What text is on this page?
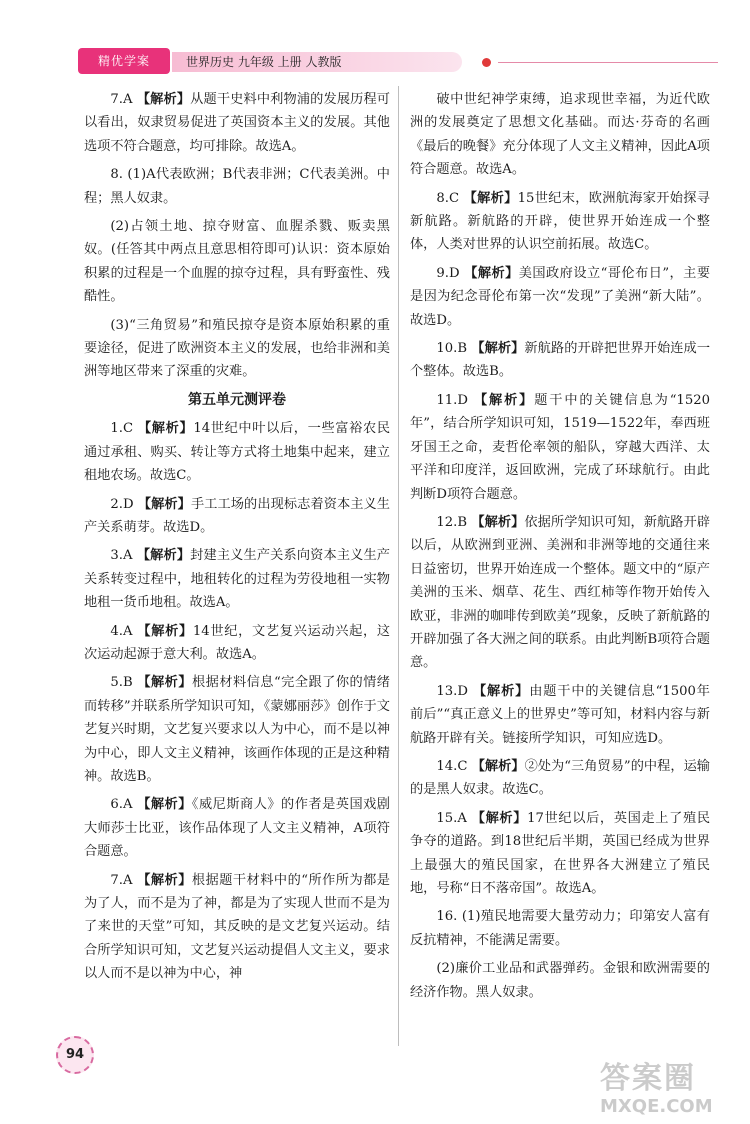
精优学案	世界历史 九年级 上册 人教版

7.A 【解析】从题干史料中利物浦的发展历程可以看出，奴隶贸易促进了英国资本主义的发展。其他选项不符合题意，均可排除。故选A。

8. (1)A代表欧洲；B代表非洲；C代表美洲。中程；黑人奴隶。

(2)占领土地、掠夺财富、血腥杀戮、贩卖黑奴。(任答其中两点且意思相符即可)认识：资本原始积累的过程是一个血腥的掠夺过程，具有野蛮性、残酷性。

(3)“三角贸易”和殖民掠夺是资本原始积累的重要途径，促进了欧洲资本主义的发展，也给非洲和美洲等地区带来了深重的灾难。

第五单元测评卷

1.C 【解析】14世纪中叶以后，一些富裕农民通过承租、购买、转让等方式将土地集中起来，建立租地农场。故选C。

2.D 【解析】手工工场的出现标志着资本主义生产关系萌芽。故选D。

3.A 【解析】封建主义生产关系向资本主义生产关系转变过程中，地租转化的过程为劳役地租一实物地租一货币地租。故选A。

4.A 【解析】14世纪，文艺复兴运动兴起，这次运动起源于意大利。故选A。

5.B 【解析】根据材料信息“完全跟了你的情绪而转移”并联系所学知识可知，《蒙娜丽莎》创作于文艺复兴时期，文艺复兴要求以人为中心，而不是以神为中心，即人文主义精神，该画作体现的正是这种精神。故选B。

6.A 【解析】《威尼斯商人》的作者是英国戏剧大师莎士比亚，该作品体现了人文主义精神，A项符合题意。

7.A 【解析】根据题干材料中的“所作所为都是为了人，而不是为了神，都是为了实现人世而不是为了来世的天堂”可知，其反映的是文艺复兴运动。结合所学知识可知，文艺复兴运动提倡人文主义，要求以人而不是以神为中心，神

破中世纪神学束缚，追求现世幸福，为近代欧洲的发展奠定了思想文化基础。而达·芬奇的名画《最后的晚餐》充分体现了人文主义精神，因此A项符合题意。故选A。

8.C 【解析】15世纪末，欧洲航海家开始探寻新航路。新航路的开辟，使世界开始连成一个整体，人类对世界的认识空前拓展。故选C。

9.D 【解析】美国政府设立“哥伦布日”，主要是因为纪念哥伦布第一次“发现”了美洲“新大陆”。故选D。

10.B 【解析】新航路的开辟把世界开始连成一个整体。故选B。

11.D 【解析】题干中的关键信息为“1520年”，结合所学知识可知，1519—1522年，奉西班牙国王之命，麦哲伦率领的船队，穿越大西洋、太平洋和印度洋，返回欧洲，完成了环球航行。由此判断D项符合题意。

12.B 【解析】依据所学知识可知，新航路开辟以后，从欧洲到亚洲、美洲和非洲等地的交通往来日益密切，世界开始连成一个整体。题文中的“原产美洲的玉米、烟草、花生、西红柿等作物开始传入欧亚，非洲的咖啡传到欧美”现象，反映了新航路的开辟加强了各大洲之间的联系。由此判断B项符合题意。

13.D 【解析】由题干中的关键信息“1500年前后”“真正意义上的世界史”等可知，材料内容与新航路开辟有关。链接所学知识，可知应选D。

14.C 【解析】②处为“三角贸易”的中程，运输的是黑人奴隶。故选C。

15.A 【解析】17世纪以后，英国走上了殖民争夺的道路。到18世纪后半期，英国已经成为世界上最强大的殖民国家，在世界各大洲建立了殖民地，号称“日不落帝国”。故选A。

16. (1)殖民地需要大量劳动力；印第安人富有反抗精神，不能满足需要。

(2)廉价工业品和武器弹药。金银和欧洲需要的经济作物。黑人奴隶。

94
答案圈
MXQE.COM
